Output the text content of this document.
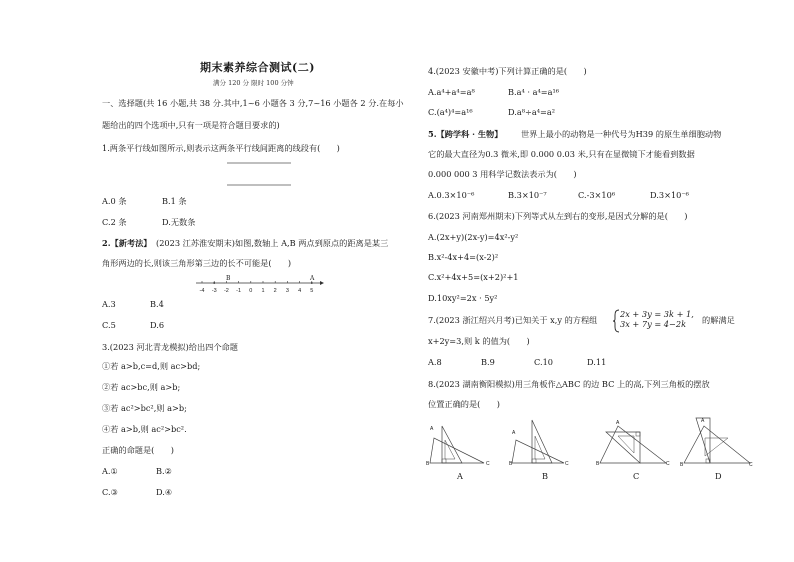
期末素养综合测试(二)
满分 120 分 限时 100 分钟
一、选择题(共 16 小题,共 38 分.其中,1~6 小题各 3 分,7~16 小题各 2 分.在每小
题给出的四个选项中,只有一项是符合题目要求的)
1.两条平行线如图所示,则表示这两条平行线间距离的线段有(　　)
A.0 条	B.1 条
C.2 条	D.无数条
2.【新考法】 (2023 江苏淮安期末)如图,数轴上 A,B 两点到原点的距离是某三
角形两边的长,则该三角形第三边的长不可能是(　　)
-4 -3 -2 -1 0 1 2 3 4 5
A
B
A.3	B.4
C.5	D.6
3.(2023 河北青龙模拟)给出四个命题
①若 a>b,c=d,则 ac>bd;
②若 ac>bc,则 a>b;
③若 ac²>bc²,则 a>b;
④若 a>b,则 ac²>bc².
正确的命题是(　　)
A.①	B.②
C.③	D.④
4.(2023 安徽中考)下列计算正确的是(　　)
A.a⁴+a⁴=a⁸	B.a⁴ · a⁴=a¹⁶
C.(a⁴)⁴=a¹⁶	D.a⁸÷a⁴=a²
5.【跨学科 · 生物】 世界上最小的动物是一种代号为H39 的原生单细胞动物
它的最大直径为0.3 微米,即 0.000 0.03 米,只有在显微镜下才能看到数据
0.000 000 3 用科学记数法表示为(　　)
A.0.3×10⁻⁶	B.3×10⁻⁷	C.-3×10⁶	D.3×10⁻⁶
6.(2023 河南郑州期末)下列等式从左到右的变形,是因式分解的是(　　)
A.(2x+y)(2x-y)=4x²-y²
B.x²-4x+4=(x-2)²
C.x²+4x+5=(x+2)²+1
D.10xy²=2x · 5y²
7.(2023 浙江绍兴月考)已知关于 x,y 的方程组
2x + 3y = 3k + 1,
3x + 7y = 4−2k 的解满足
x+2y=3,则 k 的值为(　　)
A.8	B.9	C.10	D.11
8.(2023 湖南衡阳模拟)用三角板作△ABC 的边 BC 上的高,下列三角板的摆放
位置正确的是(　　)
A
B	C
A
B	C
A
B	C
A
B	C
A	B	C	D
